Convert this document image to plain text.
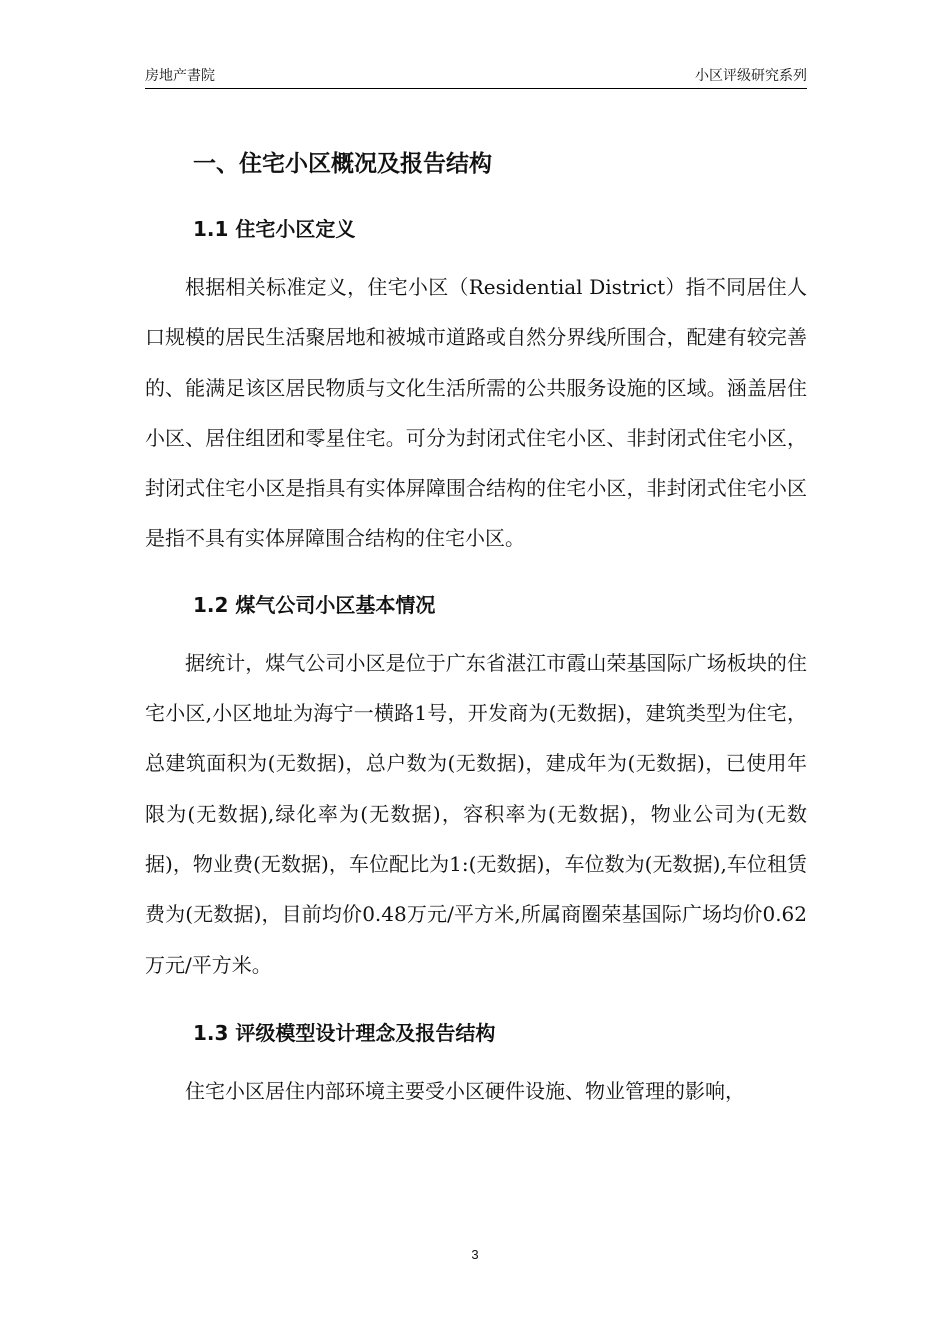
房地产書院	小区评级研究系列
一、住宅小区概况及报告结构
1.1 住宅小区定义

根据相关标准定义，住宅小区（Residential District）指不同居住人口规模的居民生活聚居地和被城市道路或自然分界线所围合，配建有较完善的、能满足该区居民物质与文化生活所需的公共服务设施的区域。涵盖居住小区、居住组团和零星住宅。可分为封闭式住宅小区、非封闭式住宅小区，封闭式住宅小区是指具有实体屏障围合结构的住宅小区，非封闭式住宅小区是指不具有实体屏障围合结构的住宅小区。

1.2 煤气公司小区基本情况

据统计，煤气公司小区是位于广东省湛江市霞山荣基国际广场板块的住宅小区,小区地址为海宁一横路1号，开发商为(无数据)，建筑类型为住宅，总建筑面积为(无数据)，总户数为(无数据)，建成年为(无数据)，已使用年限为(无数据),绿化率为(无数据)，容积率为(无数据)，物业公司为(无数据)，物业费(无数据)，车位配比为1:(无数据)，车位数为(无数据),车位租赁费为(无数据)，目前均价0.48万元/平方米,所属商圈荣基国际广场均价0.62万元/平方米。

1.3 评级模型设计理念及报告结构

住宅小区居住内部环境主要受小区硬件设施、物业管理的影响，

3
